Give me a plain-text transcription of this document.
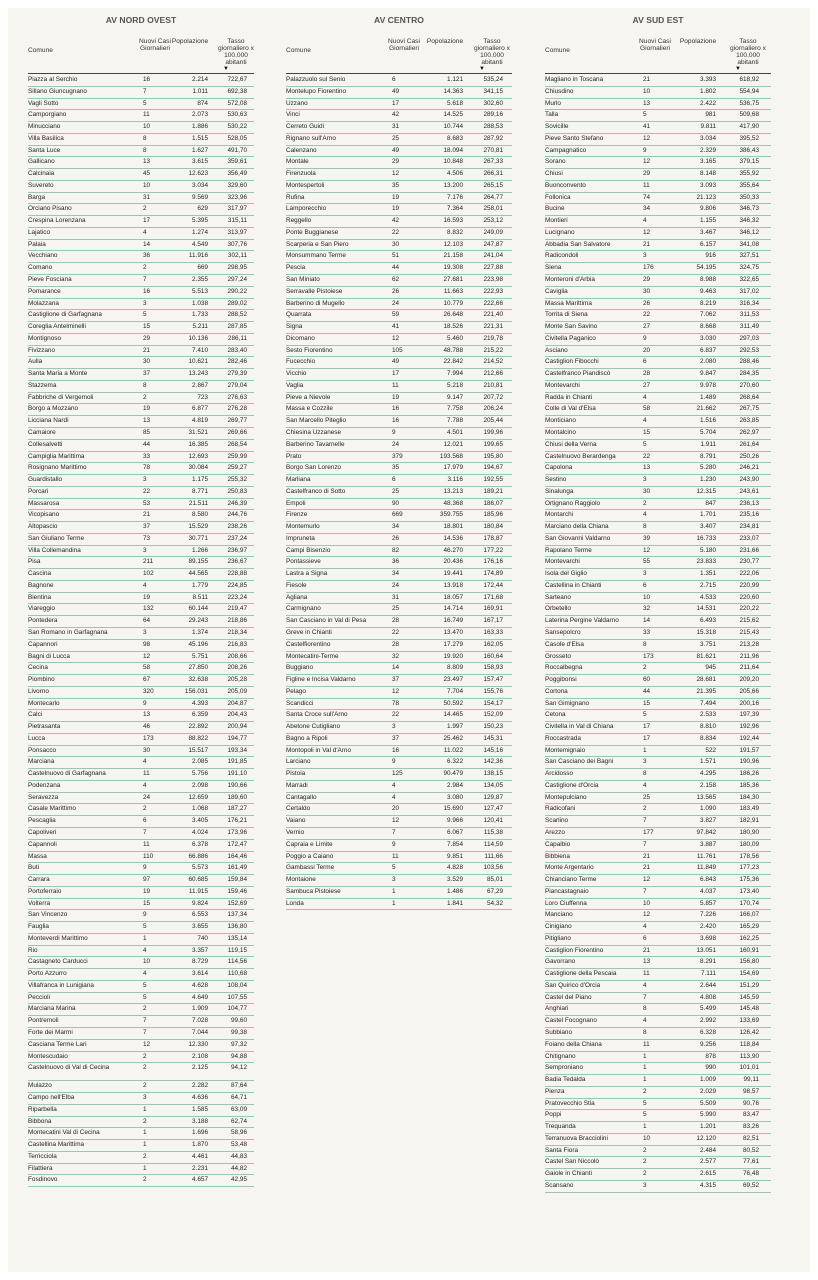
AV NORD OVEST
Comune
Nuovi Casi
Giornalieri
Popolazione	Tasso
giornaliero x
100.000
abitanti
▼
Piazza al Serchio	16	2.214	722,67
Sillano Giuncugnano	7	1.011	692,38
Vagli Sotto	5	874	572,08
Camporgiano	11	2.073	530,63
Minucciano	10	1.886	530,22
Villa Basilica	8	1.515	528,05
Santa Luce	8	1.627	491,70
Gallicano	13	3.615	359,61
Calcinaia	45	12.623	356,49
Suvereto	10	3.034	329,60
Barga	31	9.569	323,96
Orciano Pisano	2	629	317,97
Crespina Lorenzana	17	5.395	315,11
Lajatico	4	1.274	313,97
Palaia	14	4.549	307,76
Vecchiano	36	11.916	302,11
Comano	2	669	298,95
Pieve Fosciana	7	2.355	297,24
Pomarance	16	5.513	290,22
Molazzana	3	1.038	289,02
Castiglione di Garfagnana	5	1.733	288,52
Coreglia Antelminelli	15	5.211	287,85
Montignoso	29	10.136	286,11
Fivizzano	21	7.410	283,40
Aulla	30	10.621	282,46
Santa Maria a Monte	37	13.243	279,39
Stazzema	8	2.867	279,04
Fabbriche di Vergemoli	2	723	276,63
Borgo a Mozzano	19	6.877	276,28
Licciana Nardi	13	4.819	269,77
Camaiore	85	31.521	269,66
Collesalvetti	44	16.385	268,54
Campiglia Marittima	33	12.693	259,99
Rosignano Marittimo	78	30.084	259,27
Guardistallo	3	1.175	255,32
Porcari	22	8.771	250,83
Massarosa	53	21.511	246,39
Vicopisano	21	8.580	244,76
Altopascio	37	15.529	238,26
San Giuliano Terme	73	30.771	237,24
Villa Collemandina	3	1.266	236,97
Pisa	211	89.155	236,67
Cascina	102	44.565	228,88
Bagnone	4	1.779	224,85
Bientina	19	8.511	223,24
Viareggio	132	60.144	219,47
Pontedera	64	29.243	218,86
San Romano in Garfagnana	3	1.374	218,34
Capannori	98	45.196	216,83
Bagni di Lucca	12	5.751	208,66
Cecina	58	27.850	208,26
Piombino	67	32.638	205,28
Livorno	320	156.031	205,09
Montecarlo	9	4.393	204,87
Calci	13	6.359	204,43
Pietrasanta	46	22.892	200,94
Lucca	173	88.822	194,77
Ponsacco	30	15.517	193,34
Marciana	4	2.085	191,85
Castelnuovo di Garfagnana	11	5.756	191,10
Podenzana	4	2.098	190,66
Seravezza	24	12.659	189,60
Casale Marittimo	2	1.068	187,27
Pescaglia	6	3.405	176,21
Capoliveri	7	4.024	173,96
Capannoli	11	6.378	172,47
Massa	110	66.886	164,46
Buti	9	5.573	161,49
Carrara	97	60.685	159,84
Portoferraio	19	11.915	159,46
Volterra	15	9.824	152,69
San Vincenzo	9	6.553	137,34
Fauglia	5	3.655	136,80
Monteverdi Marittimo	1	740	135,14
Rio	4	3.357	119,15
Castagneto Carducci	10	8.729	114,56
Porto Azzurro	4	3.614	110,68
Villafranca in Lunigiana	5	4.628	108,04
Peccioli	5	4.649	107,55
Marciana Marina	2	1.909	104,77
Pontremoli	7	7.028	99,60
Forte dei Marmi	7	7.044	99,38
Casciana Terme Lari	12	12.330	97,32
Montescudaio	2	2.108	94,88
Castelnuovo di Val di Cecina	2	2.125	94,12
Mulazzo	2	2.282	87,64
Campo nell'Elba	3	4.636	64,71
Riparbella	1	1.585	63,09
Bibbona	2	3.188	62,74
Montecatini Val di Cecina	1	1.696	58,96
Castellina Marittima	1	1.870	53,48
Terricciola	2	4.461	44,83
Filattiera	1	2.231	44,82
Fosdinovo	2	4.657	42,95
AV CENTRO
Comune
Nuovi Casi
Giornalieri
Popolazione	Tasso
giornaliero x
100.000
abitanti
▼
Palazzuolo sul Senio	6	1.121	535,24
Montelupo Fiorentino	49	14.363	341,15
Uzzano	17	5.618	302,60
Vinci	42	14.525	289,16
Cerreto Guidi	31	10.744	288,53
Rignano sull'Arno	25	8.683	287,92
Calenzano	49	18.094	270,81
Montale	29	10.848	267,33
Firenzuola	12	4.506	266,31
Montespertoli	35	13.200	265,15
Rufina	19	7.176	264,77
Lamporecchio	19	7.364	258,01
Reggello	42	16.593	253,12
Ponte Buggianese	22	8.832	249,09
Scarperia e San Piero	30	12.103	247,87
Monsummano Terme	51	21.158	241,04
Pescia	44	19.308	227,88
San Miniato	62	27.681	223,98
Serravalle Pistoiese	26	11.663	222,93
Barberino di Mugello	24	10.779	222,66
Quarrata	59	26.648	221,40
Signa	41	18.526	221,31
Dicomano	12	5.460	219,78
Sesto Fiorentino	105	48.788	215,22
Fucecchio	49	22.842	214,52
Vicchio	17	7.994	212,66
Vaglia	11	5.218	210,81
Pieve a Nievole	19	9.147	207,72
Massa e Cozzile	16	7.758	206,24
San Marcello Piteglio	16	7.788	205,44
Chiesina Uzzanese	9	4.501	199,96
Barberino Tavarnelle	24	12.021	199,65
Prato	379	193.568	195,80
Borgo San Lorenzo	35	17.979	194,67
Marliana	6	3.116	192,55
Castelfranco di Sotto	25	13.213	189,21
Empoli	90	48.368	186,07
Firenze	669	359.755	185,96
Montemurlo	34	18.801	180,84
Impruneta	26	14.536	178,87
Campi Bisenzio	82	46.270	177,22
Pontassieve	36	20.436	176,16
Lastra a Signa	34	19.441	174,89
Fiesole	24	13.918	172,44
Agliana	31	18.057	171,68
Carmignano	25	14.714	169,91
San Casciano in Val di Pesa	28	16.749	167,17
Greve in Chianti	22	13.470	163,33
Castelfiorentino	28	17.279	162,05
Montecatini-Terme	32	19.920	160,64
Buggiano	14	8.809	158,93
Figline e Incisa Valdarno	37	23.497	157,47
Pelago	12	7.704	155,76
Scandicci	78	50.592	154,17
Santa Croce sull'Arno	22	14.465	152,09
Abetone Cutigliano	3	1.997	150,23
Bagno a Ripoli	37	25.462	145,31
Montopoli in Val d'Arno	16	11.022	145,16
Larciano	9	6.322	142,36
Pistoia	125	90.479	138,15
Marradi	4	2.984	134,05
Cantagallo	4	3.080	129,87
Certaldo	20	15.690	127,47
Vaiano	12	9.966	120,41
Vernio	7	6.067	115,38
Capraia e Limite	9	7.854	114,59
Poggio a Caiano	11	9.851	111,66
Gambassi Terme	5	4.828	103,56
Montaione	3	3.529	85,01
Sambuca Pistoiese	1	1.486	67,29
Londa	1	1.841	54,32
AV SUD EST
Comune
Nuovi Casi
Giornalieri
Popolazione	Tasso
giornaliero x
100.000
abitanti
▼
Magliano in Toscana	21	3.393	618,92
Chiusdino	10	1.802	554,94
Murlo	13	2.422	536,75
Talla	5	981	509,68
Sovicille	41	9.811	417,90
Pieve Santo Stefano	12	3.034	395,52
Campagnatico	9	2.329	386,43
Sorano	12	3.165	379,15
Chiusi	29	8.148	355,92
Buonconvento	11	3.093	355,64
Follonica	74	21.123	350,33
Bucine	34	9.806	346,73
Montieri	4	1.155	346,32
Lucignano	12	3.467	346,12
Abbadia San Salvatore	21	6.157	341,08
Radicondoli	3	916	327,51
Siena	176	54.195	324,75
Monteroni d'Arbia	29	8.988	322,65
Caviglia	30	9.463	317,02
Massa Marittima	26	8.219	316,34
Torrita di Siena	22	7.062	311,53
Monte San Savino	27	8.668	311,49
Civitella Paganico	9	3.030	297,03
Asciano	20	6.837	292,53
Castiglion Fibocchi	6	2.080	288,46
Castelfranco Piandiscò	28	9.847	284,35
Montevarchi	27	9.978	270,60
Radda in Chianti	4	1.489	268,64
Colle di Val d'Elsa	58	21.662	267,75
Monticiano	4	1.516	263,85
Montalcino	15	5.704	262,97
Chiusi della Verna	5	1.911	261,64
Castelnuovo Berardenga	22	8.791	250,26
Capolona	13	5.280	246,21
Sestino	3	1.230	243,90
Sinalunga	30	12.315	243,61
Ortignano Raggiolo	2	847	236,13
Montarchi	4	1.701	235,16
Marciano della Chiana	8	3.407	234,81
San Giovanni Valdarno	39	16.733	233,07
Rapolano Terme	12	5.180	231,66
Montevarchi	55	23.833	230,77
Isola del Giglio	3	1.351	222,06
Castellina in Chianti	6	2.715	220,99
Sarteano	10	4.533	220,60
Orbetello	32	14.531	220,22
Laterina Pergine Valdarno	14	6.493	215,62
Sansepolcro	33	15.318	215,43
Casole d'Elsa	8	3.751	213,28
Grosseto	173	81.621	211,96
Roccalbegna	2	945	211,64
Poggibonsi	60	28.681	209,20
Cortona	44	21.395	205,66
San Gimignano	15	7.494	200,16
Cetona	5	2.533	197,39
Civitella in Val di Chiana	17	8.810	192,96
Roccastrada	17	8.834	192,44
Montemignaio	1	522	191,57
San Casciano dei Bagni	3	1.571	190,96
Arcidosso	8	4.295	186,26
Castiglione d'Orcia	4	2.158	185,36
Montepulciano	25	13.565	184,30
Radicofani	2	1.090	183,49
Scarlino	7	3.827	182,91
Arezzo	177	97.842	180,90
Capalbio	7	3.887	180,09
Bibbiena	21	11.761	178,56
Monte Argentario	21	11.849	177,23
Chianciano Terme	12	6.843	175,36
Piancastagnaio	7	4.037	173,40
Loro Ciuffenna	10	5.857	170,74
Manciano	12	7.226	166,07
Cinigiano	4	2.420	165,29
Pitigliano	6	3.698	162,25
Castiglion Fiorentino	21	13.051	160,91
Gavorrano	13	8.291	156,80
Castiglione della Pescaia	11	7.111	154,69
San Quirico d'Orcia	4	2.644	151,29
Castel del Piano	7	4.808	145,59
Anghiari	8	5.499	145,48
Castel Focognano	4	2.992	133,69
Subbiano	8	6.328	126,42
Foiano della Chiana	11	9.256	118,84
Chitignano	1	878	113,90
Semproniano	1	990	101,01
Badia Tedalda	1	1.009	99,11
Pienza	2	2.029	98,57
Pratovecchio Stia	5	5.509	90,76
Poppi	5	5.990	83,47
Trequanda	1	1.201	83,26
Terranuova Bracciolini	10	12.120	82,51
Santa Fiora	2	2.484	80,52
Castel San Niccolò	2	2.577	77,61
Gaiole in Chianti	2	2.615	76,48
Scansano	3	4.315	69,52
